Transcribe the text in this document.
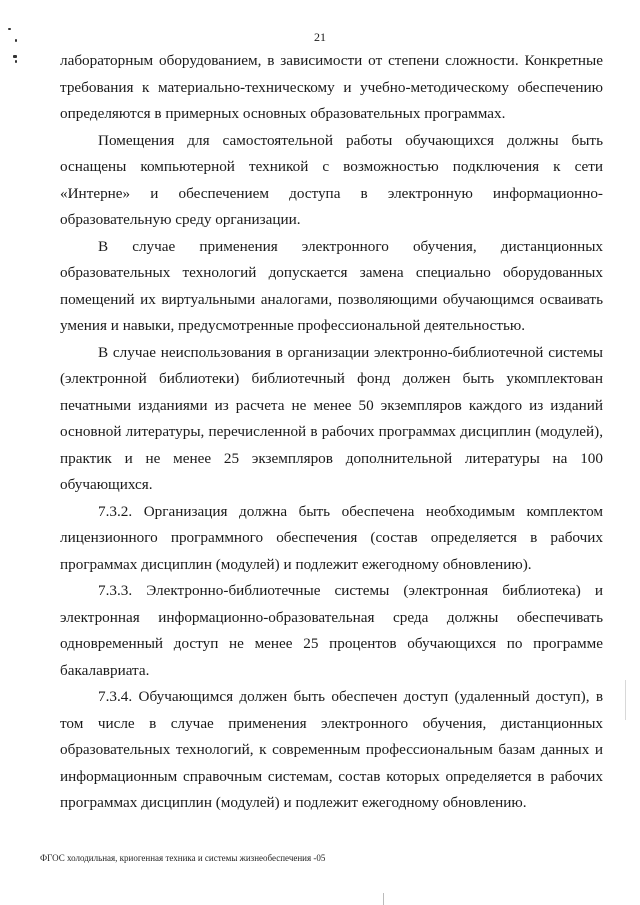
21

лабораторным оборудованием, в зависимости от степени сложности. Конкретные требования к материально-техническому и учебно-методическому обеспечению определяются в примерных основных образовательных программах.

Помещения для самостоятельной работы обучающихся должны быть оснащены компьютерной техникой с возможностью подключения к сети «Интерне» и обеспечением доступа в электронную информационно-образовательную среду организации.

В случае применения электронного обучения, дистанционных образовательных технологий допускается замена специально оборудованных помещений их виртуальными аналогами, позволяющими обучающимся осваивать умения и навыки, предусмотренные профессиональной деятельностью.

В случае неиспользования в организации электронно-библиотечной системы (электронной библиотеки) библиотечный фонд должен быть укомплектован печатными изданиями из расчета не менее 50 экземпляров каждого из изданий основной литературы, перечисленной в рабочих программах дисциплин (модулей), практик и не менее 25 экземпляров дополнительной литературы на 100 обучающихся.

7.3.2. Организация должна быть обеспечена необходимым комплектом лицензионного программного обеспечения (состав определяется в рабочих программах дисциплин (модулей) и подлежит ежегодному обновлению).

7.3.3. Электронно-библиотечные системы (электронная библиотека) и электронная информационно-образовательная среда должны обеспечивать одновременный доступ не менее 25 процентов обучающихся по программе бакалавриата.

7.3.4. Обучающимся должен быть обеспечен доступ (удаленный доступ), в том числе в случае применения электронного обучения, дистанционных образовательных технологий, к современным профессиональным базам данных и информационным справочным системам, состав которых определяется в рабочих программах дисциплин (модулей) и подлежит ежегодному обновлению.

ФГОС холодильная, криогенная техника и системы жизнеобеспечения -05
